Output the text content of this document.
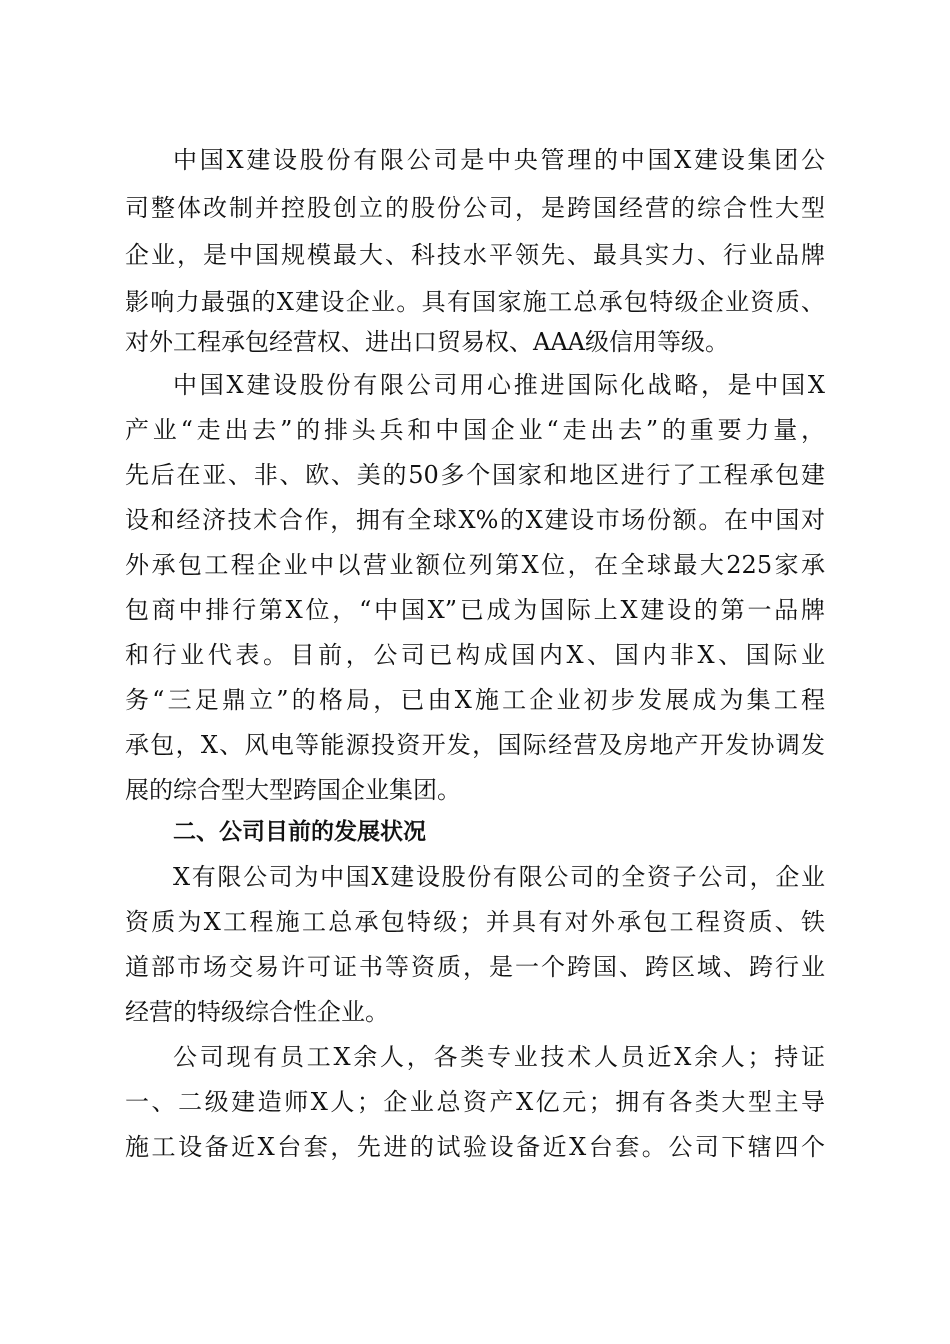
中国X建设股份有限公司是中央管理的中国X建设集团公
司整体改制并控股创立的股份公司，是跨国经营的综合性大型
企业，是中国规模最大、科技水平领先、最具实力、行业品牌
影响力最强的X建设企业。具有国家施工总承包特级企业资质、
对外工程承包经营权、进出口贸易权、AAA级信用等级。
中国X建设股份有限公司用心推进国际化战略，是中国X
产业“走出去”的排头兵和中国企业“走出去”的重要力量，
先后在亚、非、欧、美的50多个国家和地区进行了工程承包建
设和经济技术合作，拥有全球X%的X建设市场份额。在中国对
外承包工程企业中以营业额位列第X位，在全球最大225家承
包商中排行第X位，“中国X”已成为国际上X建设的第一品牌
和行业代表。目前，公司已构成国内X、国内非X、国际业
务“三足鼎立”的格局，已由X施工企业初步发展成为集工程
承包，X、风电等能源投资开发，国际经营及房地产开发协调发
展的综合型大型跨国企业集团。
二、公司目前的发展状况
X有限公司为中国X建设股份有限公司的全资子公司，企业
资质为X工程施工总承包特级；并具有对外承包工程资质、铁
道部市场交易许可证书等资质，是一个跨国、跨区域、跨行业
经营的特级综合性企业。
公司现有员工X余人，各类专业技术人员近X余人；持证
一、二级建造师X人；企业总资产X亿元；拥有各类大型主导
施工设备近X台套，先进的试验设备近X台套。公司下辖四个
